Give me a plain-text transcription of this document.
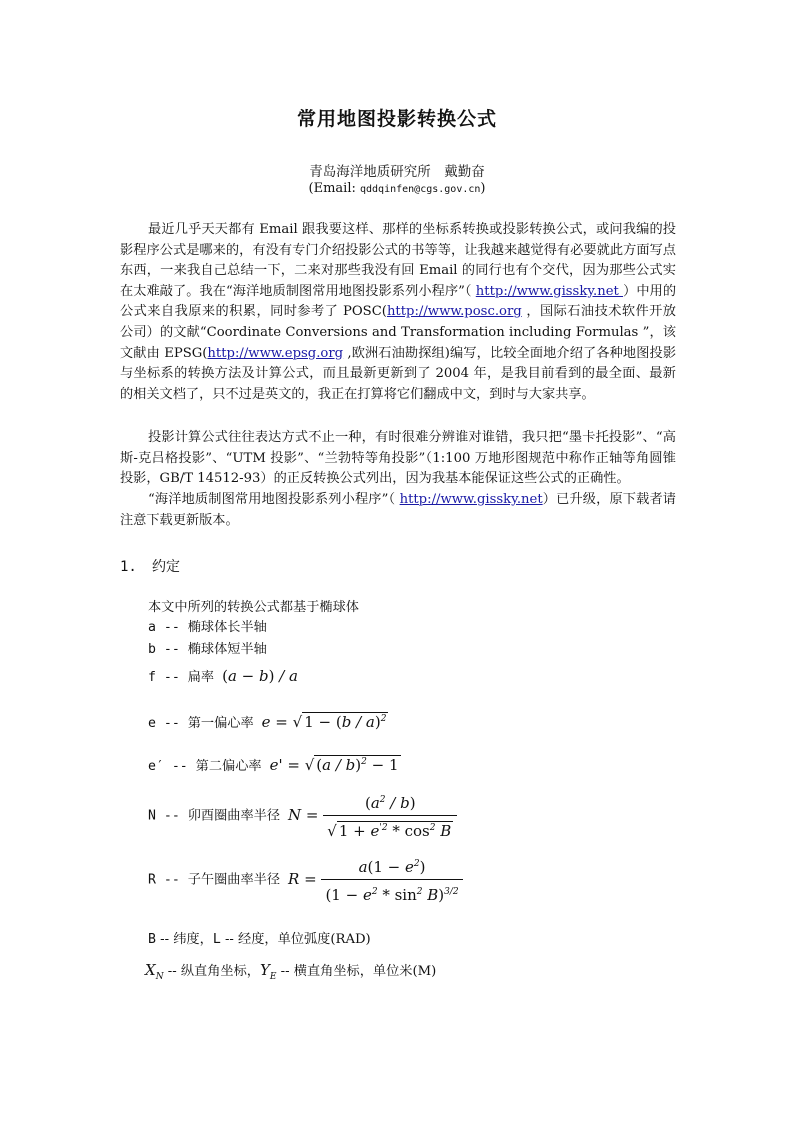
常用地图投影转换公式
青岛海洋地质研究所　戴勤奋
(Email: qddqinfen@cgs.gov.cn)

最近几乎天天都有 Email 跟我要这样、那样的坐标系转换或投影转换公式，或问我编的投影程序公式是哪来的，有没有专门介绍投影公式的书等等，让我越来越觉得有必要就此方面写点东西，一来我自己总结一下，二来对那些我没有回 Email 的同行也有个交代，因为那些公式实在太难敲了。我在“海洋地质制图常用地图投影系列小程序”（ http://www.gissky.net ）中用的公式来自我原来的积累，同时参考了 POSC(http://www.posc.org ，国际石油技术软件开放公司）的文献“Coordinate Conversions and Transformation including Formulas ”，该文献由 EPSG(http://www.epsg.org ,欧洲石油勘探组)编写，比较全面地介绍了各种地图投影与坐标系的转换方法及计算公式，而且最新更新到了 2004 年，是我目前看到的最全面、最新的相关文档了，只不过是英文的，我正在打算将它们翻成中文，到时与大家共享。

投影计算公式往往表达方式不止一种，有时很难分辨谁对谁错，我只把“墨卡托投影”、“高斯-克吕格投影”、“UTM 投影”、“兰勃特等角投影”（1:100 万地形图规范中称作正轴等角圆锥投影，GB/T 14512-93）的正反转换公式列出，因为我基本能保证这些公式的正确性。

“海洋地质制图常用地图投影系列小程序”（ http://www.gissky.net）已升级，原下载者请注意下载更新版本。

1. 约定
本文中所列的转换公式都基于椭球体
a -- 椭球体长半轴
b -- 椭球体短半轴
f -- 扁率 (a − b) / a
e -- 第一偏心率 e = √ 1 − (b / a)$^2$
e′ -- 第二偏心率 e' = √ (a / b)$^2$ − 1
N -- 卯酉圈曲率半径 $N = \frac{(a^2 / b)}{√ 1 + e^{'2} * \cos^2 B}$
R -- 子午圈曲率半径 $R = \frac{a(1 - e^2)}{(1 - e^2 * \sin^2 B)^{3/2}}$
B -- 纬度，L -- 经度，单位弧度(RAD)
$X_N$ -- 纵直角坐标，$Y_E$ -- 横直角坐标，单位米(M)
